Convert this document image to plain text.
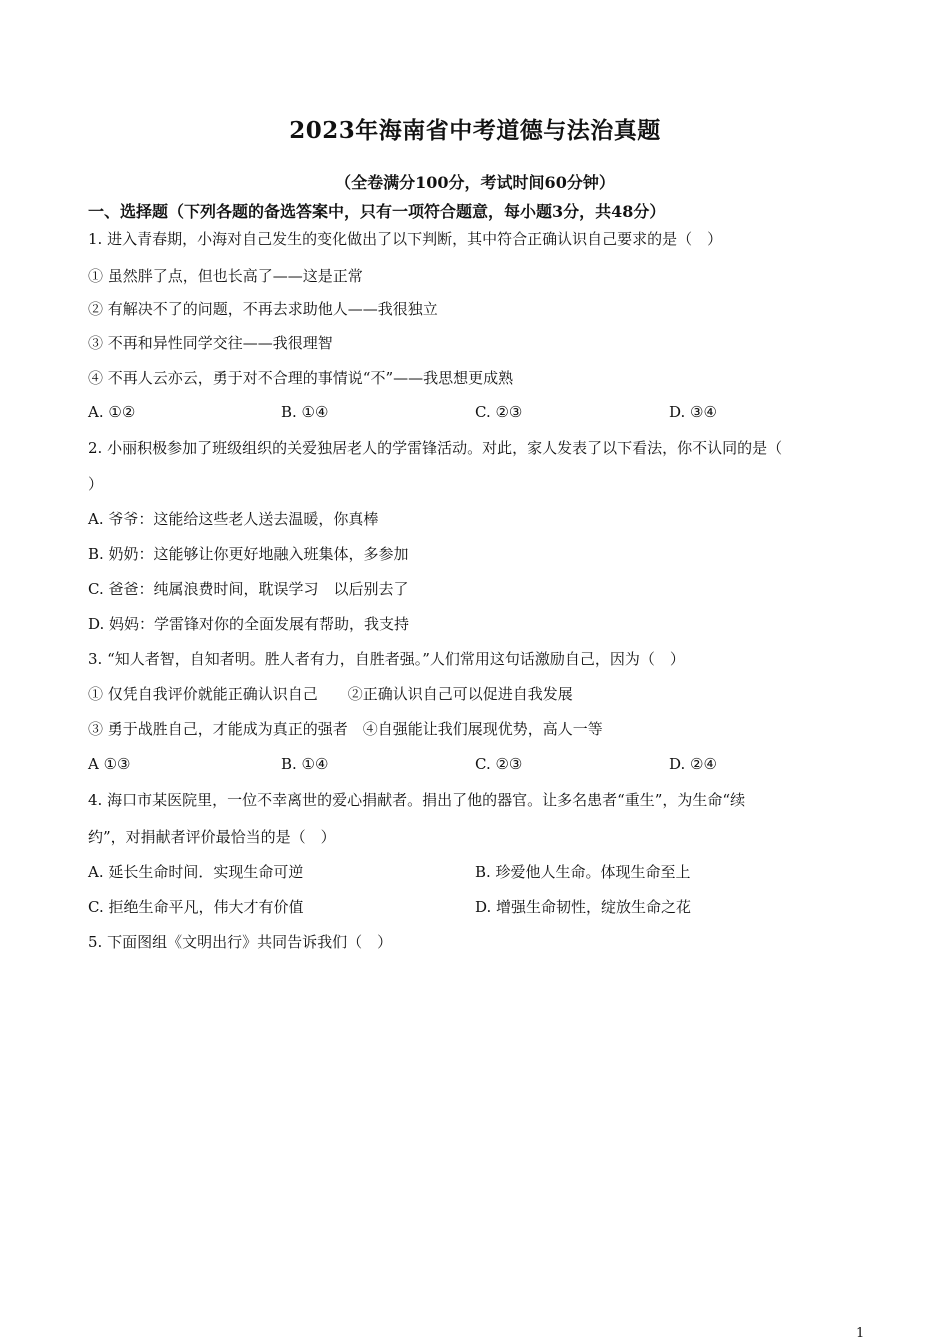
2023年海南省中考道德与法治真题
（全卷满分100分，考试时间60分钟）
一、选择题（下列各题的备选答案中，只有一项符合题意，每小题3分，共48分）
1. 进入青春期，小海对自己发生的变化做出了以下判断，其中符合正确认识自己要求的是（　）
① 虽然胖了点，但也长高了——这是正常
② 有解决不了的问题，不再去求助他人——我很独立
③ 不再和异性同学交往——我很理智
④ 不再人云亦云，勇于对不合理的事情说“不”——我思想更成熟
A. ①②	B. ①④	C. ②③	D. ③④
2. 小丽积极参加了班级组织的关爱独居老人的学雷锋活动。对此，家人发表了以下看法，你不认同的是（
）
A. 爷爷：这能给这些老人送去温暖，你真棒
B. 奶奶：这能够让你更好地融入班集体，多参加
C. 爸爸：纯属浪费时间，耽误学习　以后别去了
D. 妈妈：学雷锋对你的全面发展有帮助，我支持
3. “知人者智，自知者明。胜人者有力，自胜者强。”人们常用这句话激励自己，因为（　）
① 仅凭自我评价就能正确认识自己　　②正确认识自己可以促进自我发展
③ 勇于战胜自己，才能成为真正的强者　④自强能让我们展现优势，高人一等
A ①③	B. ①④	C. ②③	D. ②④
4. 海口市某医院里，一位不幸离世的爱心捐献者。捐出了他的器官。让多名患者“重生”，为生命“续
约”，对捐献者评价最恰当的是（　）
A. 延长生命时间．实现生命可逆	B. 珍爱他人生命。体现生命至上
C. 拒绝生命平凡，伟大才有价值	D. 增强生命韧性，绽放生命之花
5. 下面图组《文明出行》共同告诉我们（　）
1
